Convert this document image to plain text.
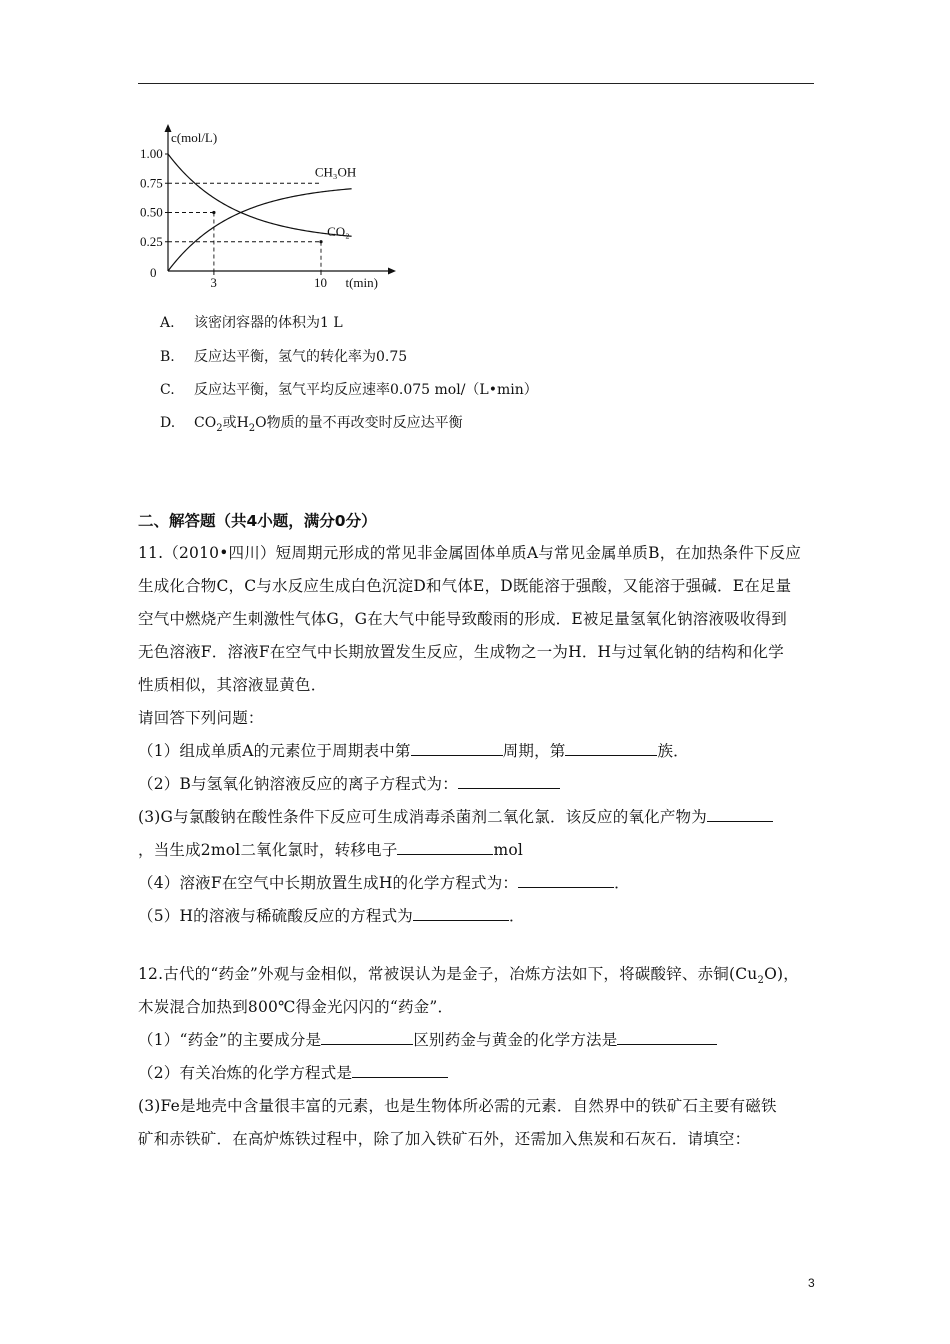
1.00
0.75
0.50
0.25
0
3	10
CH₃OH
CO₂
c(mol/L)
t(min)
A. 该密闭容器的体积为1 L
B. 反应达平衡，氢气的转化率为0.75
C. 反应达平衡，氢气平均反应速率0.075 mol/（L•min）
D. $CO_2$或$H_2O$物质的量不再改变时反应达平衡
二、解答题（共4小题，满分0分）
11.（2010•四川）短周期元形成的常见非金属固体单质A与常见金属单质B，在加热条件下反应
生成化合物C，C与水反应生成白色沉淀D和气体E，D既能溶于强酸，又能溶于强碱．E在足量
空气中燃烧产生刺激性气体G，G在大气中能导致酸雨的形成．E被足量氢氧化钠溶液吸收得到
无色溶液F．溶液F在空气中长期放置发生反应，生成物之一为H．H与过氧化钠的结构和化学
性质相似，其溶液显黄色．
请回答下列问题：
（1）组成单质A的元素位于周期表中第	周期，第	族．
（2）B与氢氧化钠溶液反应的离子方程式为：
(3)G与氯酸钠在酸性条件下反应可生成消毒杀菌剂二氧化氯．该反应的氧化产物为
，当生成2mol二氧化氯时，转移电子	mol
（4）溶液F在空气中长期放置生成H的化学方程式为：	．
（5）H的溶液与稀硫酸反应的方程式为	．
12.古代的“药金”外观与金相似，常被误认为是金子，冶炼方法如下，将碳酸锌、赤铜$(Cu_2O)$，
木炭混合加热到800℃得金光闪闪的“药金”．
（1）“药金”的主要成分是	区别药金与黄金的化学方法是
（2）有关冶炼的化学方程式是
(3)Fe是地壳中含量很丰富的元素，也是生物体所必需的元素．自然界中的铁矿石主要有磁铁
矿和赤铁矿．在高炉炼铁过程中，除了加入铁矿石外，还需加入焦炭和石灰石．请填空：
3
